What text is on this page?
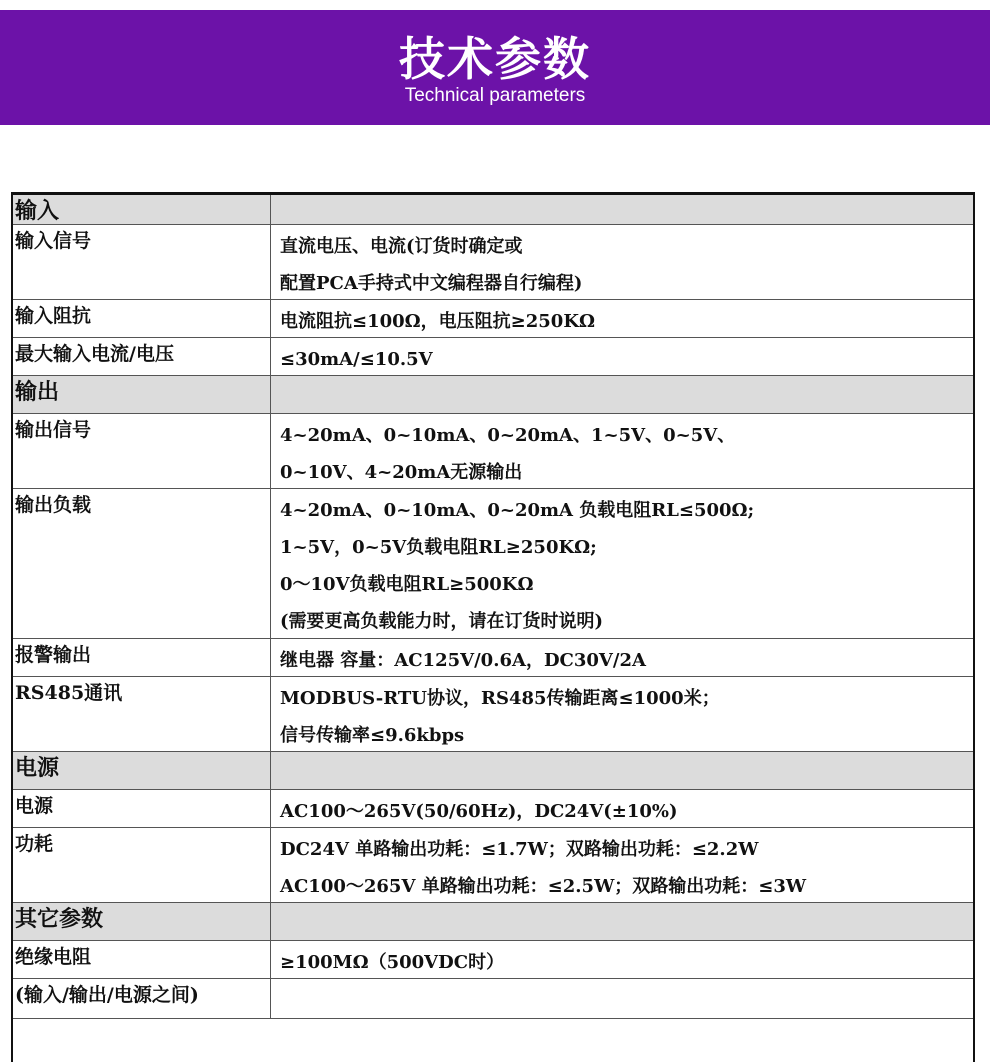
技术参数
Technical parameters
输入
输入信号	直流电压、电流(订货时确定或
配置PCA手持式中文编程器自行编程)
输入阻抗	电流阻抗≤100Ω，电压阻抗≥250KΩ
最大输入电流/电压	≤30mA/≤10.5V
输出
输出信号	4~20mA、0~10mA、0~20mA、1~5V、0~5V、
0~10V、4~20mA无源输出
输出负载	4~20mA、0~10mA、0~20mA 负载电阻RL≤500Ω;
1~5V，0~5V负载电阻RL≥250KΩ;
0～10V负载电阻RL≥500KΩ
(需要更高负载能力时，请在订货时说明)
报警输出	继电器 容量：AC125V/0.6A，DC30V/2A
RS485通讯	MODBUS-RTU协议，RS485传输距离≤1000米；
信号传输率≤9.6kbps
电源
电源	AC100～265V(50/60Hz)，DC24V(±10%)
功耗	DC24V 单路输出功耗：≤1.7W；双路输出功耗：≤2.2W
AC100～265V 单路输出功耗：≤2.5W；双路输出功耗：≤3W
其它参数
绝缘电阻	≥100MΩ（500VDC时）
(输入/输出/电源之间)
